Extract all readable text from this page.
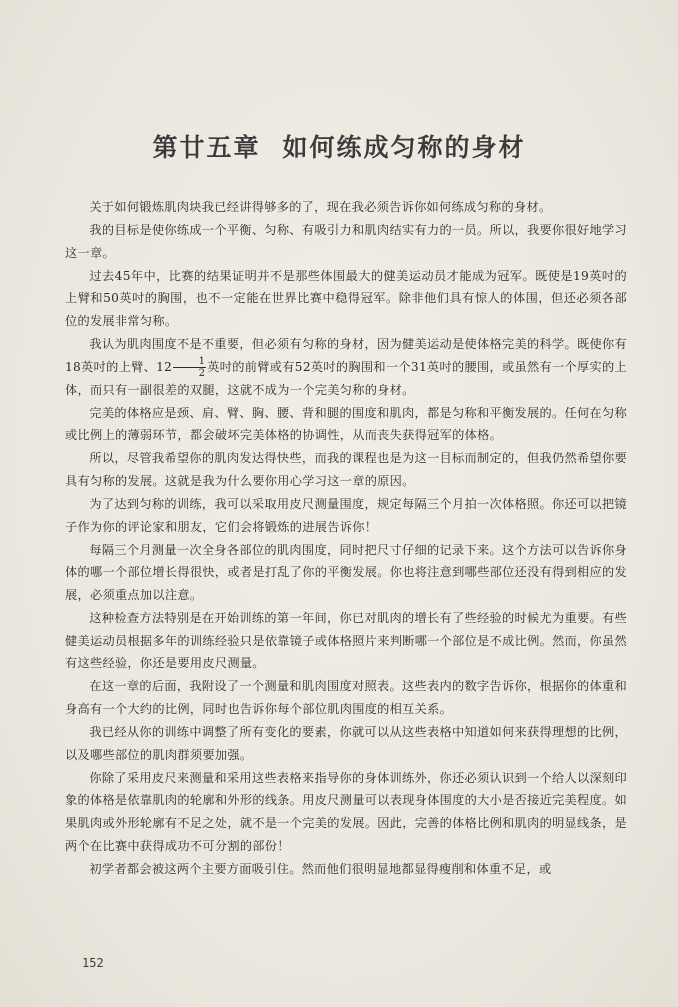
第廿五章 如何练成匀称的身材

关于如何锻炼肌肉块我已经讲得够多的了，现在我必须告诉你如何练成匀称的身材。

我的目标是使你练成一个平衡、匀称、有吸引力和肌肉结实有力的一员。所以，我要你很好地学习这一章。

过去45年中，比赛的结果证明并不是那些体围最大的健美运动员才能成为冠军。既使是19英吋的上臂和50英吋的胸围，也不一定能在世界比赛中稳得冠军。除非他们具有惊人的体围，但还必须各部位的发展非常匀称。

我认为肌肉围度不是不重要，但必须有匀称的身材，因为健美运动是使体格完美的科学。既使你有18英吋的上臂、$12 \frac{1}{2}$ 英吋的前臂或有52英吋的胸围和一个31英吋的腰围，或虽然有一个厚实的上体，而只有一副很差的双腿，这就不成为一个完美匀称的身材。

完美的体格应是颈、肩、臂、胸、腰、背和腿的围度和肌肉，都是匀称和平衡发展的。任何在匀称或比例上的薄弱环节，都会破坏完美体格的协调性，从而丧失获得冠军的体格。

所以，尽管我希望你的肌肉发达得快些，而我的课程也是为这一目标而制定的，但我仍然希望你要具有匀称的发展。这就是我为什么要你用心学习这一章的原因。

为了达到匀称的训练，我可以采取用皮尺测量围度，规定每隔三个月拍一次体格照。你还可以把镜子作为你的评论家和朋友，它们会将锻炼的进展告诉你！

每隔三个月测量一次全身各部位的肌肉围度，同时把尺寸仔细的记录下来。这个方法可以告诉你身体的哪一个部位增长得很快，或者是打乱了你的平衡发展。你也将注意到哪些部位还没有得到相应的发展，必须重点加以注意。

这种检查方法特别是在开始训练的第一年间，你已对肌肉的增长有了些经验的时候尤为重要。有些健美运动员根据多年的训练经验只是依靠镜子或体格照片来判断哪一个部位是不成比例。然而，你虽然有这些经验，你还是要用皮尺测量。

在这一章的后面，我附设了一个测量和肌肉围度对照表。这些表内的数字告诉你，根据你的体重和身高有一个大约的比例，同时也告诉你每个部位肌肉围度的相互关系。

我已经从你的训练中调整了所有变化的要素，你就可以从这些表格中知道如何来获得理想的比例，以及哪些部位的肌肉群须要加强。

你除了采用皮尺来测量和采用这些表格来指导你的身体训练外，你还必须认识到一个给人以深刻印象的体格是依靠肌肉的轮廓和外形的线条。用皮尺测量可以表现身体围度的大小是否接近完美程度。如果肌肉或外形轮廓有不足之处，就不是一个完美的发展。因此，完善的体格比例和肌肉的明显线条，是两个在比赛中获得成功不可分割的部份！

初学者都会被这两个主要方面吸引住。然而他们很明显地都显得瘦削和体重不足，或

152
